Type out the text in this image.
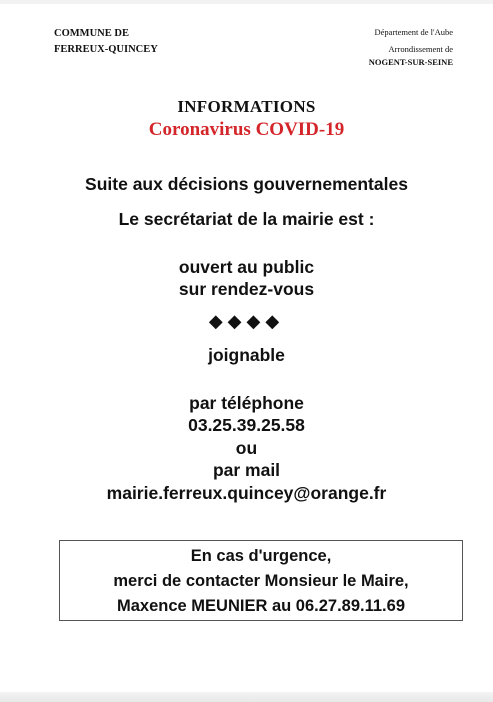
COMMUNE DE
FERREUX-QUINCEY
Département de l'Aube
Arrondissement de
NOGENT-SUR-SEINE
INFORMATIONS
Coronavirus COVID-19
Suite aux décisions gouvernementales
Le secrétariat de la mairie est :
ouvert au public
sur rendez-vous
◆◆◆◆
joignable
par téléphone
03.25.39.25.58
ou
par mail
mairie.ferreux.quincey@orange.fr
En cas d'urgence,
merci de contacter Monsieur le Maire,
Maxence MEUNIER au 06.27.89.11.69
